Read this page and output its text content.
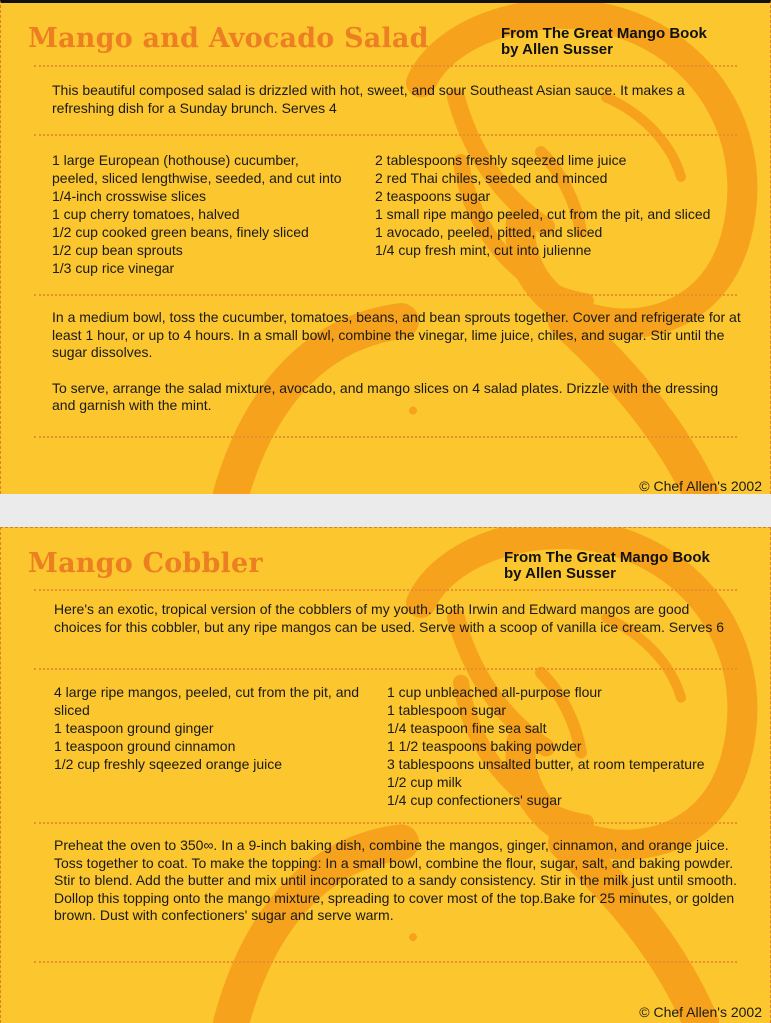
Mango and Avocado Salad	From The Great Mango Book
by Allen Susser

This beautiful composed salad is drizzled with hot, sweet, and sour Southeast Asian sauce. It makes a refreshing dish for a Sunday brunch. Serves 4

1 large European (hothouse) cucumber,
peeled, sliced lengthwise, seeded, and cut into
1/4-inch crosswise slices
1 cup cherry tomatoes, halved
1/2 cup cooked green beans, finely sliced
1/2 cup bean sprouts
1/3 cup rice vinegar
2 tablespoons freshly sqeezed lime juice
2 red Thai chiles, seeded and minced
2 teaspoons sugar
1 small ripe mango peeled, cut from the pit, and sliced
1 avocado, peeled, pitted, and sliced
1/4 cup fresh mint, cut into julienne

In a medium bowl, toss the cucumber, tomatoes, beans, and bean sprouts together. Cover and refrigerate for at least 1 hour, or up to 4 hours. In a small bowl, combine the vinegar, lime juice, chiles, and sugar. Stir until the sugar dissolves.

To serve, arrange the salad mixture, avocado, and mango slices on 4 salad plates. Drizzle with the dressing and garnish with the mint.

© Chef Allen's 2002
Mango Cobbler	From The Great Mango Book
by Allen Susser

Here's an exotic, tropical version of the cobblers of my youth. Both Irwin and Edward mangos are good choices for this cobbler, but any ripe mangos can be used. Serve with a scoop of vanilla ice cream. Serves 6

4 large ripe mangos, peeled, cut from the pit, and
sliced
1 teaspoon ground ginger
1 teaspoon ground cinnamon
1/2 cup freshly sqeezed orange juice
1 cup unbleached all-purpose flour
1 tablespoon sugar
1/4 teaspoon fine sea salt
1 1/2 teaspoons baking powder
3 tablespoons unsalted butter, at room temperature
1/2 cup milk
1/4 cup confectioners' sugar

Preheat the oven to 350∞. In a 9-inch baking dish, combine the mangos, ginger, cinnamon, and orange juice. Toss together to coat. To make the topping: In a small bowl, combine the flour, sugar, salt, and baking powder. Stir to blend. Add the butter and mix until incorporated to a sandy consistency. Stir in the milk just until smooth. Dollop this topping onto the mango mixture, spreading to cover most of the top.Bake for 25 minutes, or golden brown. Dust with confectioners' sugar and serve warm.

© Chef Allen's 2002
